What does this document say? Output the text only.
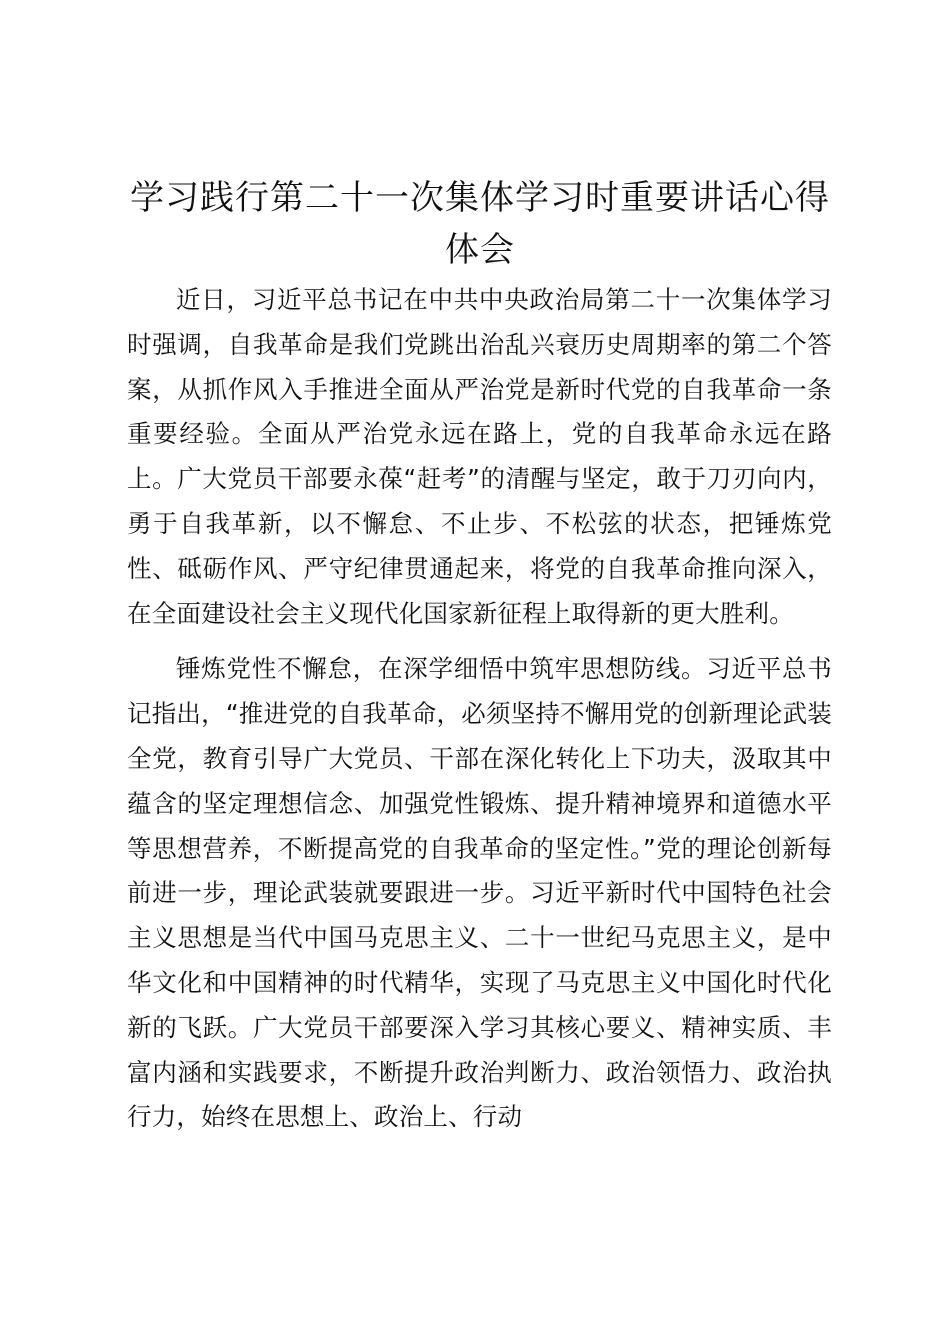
学习践行第二十一次集体学习时重要讲话心得体会

近日，习近平总书记在中共中央政治局第二十一次集体学习时强调，自我革命是我们党跳出治乱兴衰历史周期率的第二个答案，从抓作风入手推进全面从严治党是新时代党的自我革命一条重要经验。全面从严治党永远在路上，党的自我革命永远在路上。广大党员干部要永葆“赶考”的清醒与坚定，敢于刀刃向内，勇于自我革新，以不懈怠、不止步、不松弦的状态，把锤炼党性、砥砺作风、严守纪律贯通起来，将党的自我革命推向深入，在全面建设社会主义现代化国家新征程上取得新的更大胜利。

锤炼党性不懈怠，在深学细悟中筑牢思想防线。习近平总书记指出，“推进党的自我革命，必须坚持不懈用党的创新理论武装全党，教育引导广大党员、干部在深化转化上下功夫，汲取其中蕴含的坚定理想信念、加强党性锻炼、提升精神境界和道德水平等思想营养，不断提高党的自我革命的坚定性。”党的理论创新每前进一步，理论武装就要跟进一步。习近平新时代中国特色社会主义思想是当代中国马克思主义、二十一世纪马克思主义，是中华文化和中国精神的时代精华，实现了马克思主义中国化时代化新的飞跃。广大党员干部要深入学习其核心要义、精神实质、丰富内涵和实践要求，不断提升政治判断力、政治领悟力、政治执行力，始终在思想上、政治上、行动
